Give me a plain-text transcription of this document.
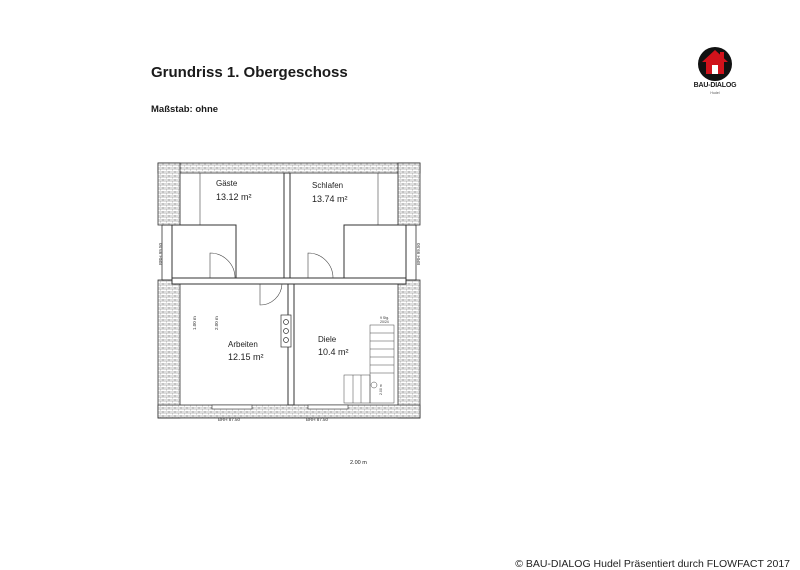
Grundriss 1. Obergeschoss
Maßstab: ohne
BAU-DIALOG
Hudel
Gäste
13.12 m²
Schlafen
13.74 m²
Arbeiten
12.15 m²
Diele
10.4 m²
BRH 99.50	BRH 99.50
BRH 87.50	BRH 87.50
1.00 m	2.00 m	9 Stg.
20/24
2.00 m
2.00 m
© BAU-DIALOG Hudel Präsentiert durch FLOWFACT 2017
